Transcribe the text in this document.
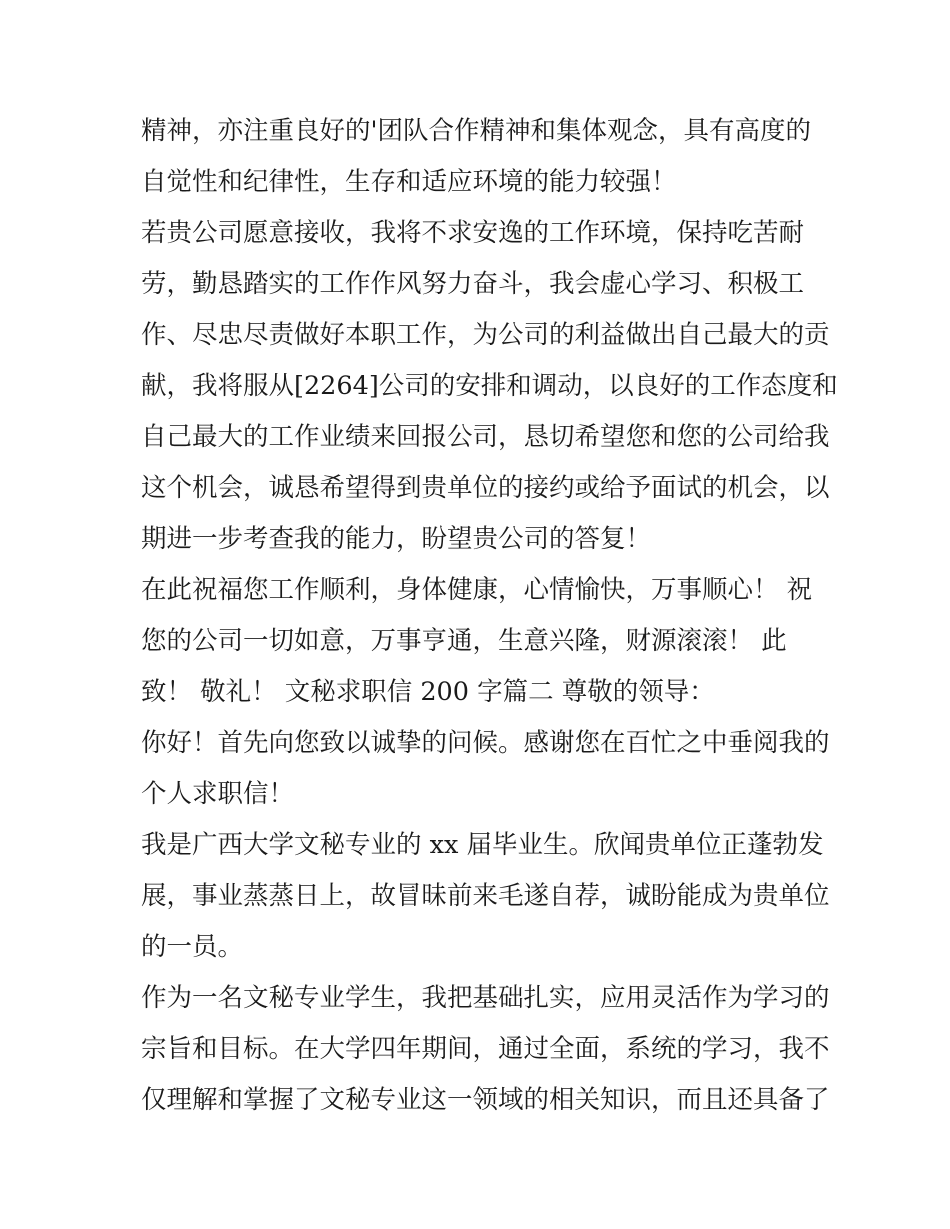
精神，亦注重良好的'团队合作精神和集体观念，具有高度的
自觉性和纪律性，生存和适应环境的能力较强！
若贵公司愿意接收，我将不求安逸的工作环境，保持吃苦耐
劳，勤恳踏实的工作作风努力奋斗，我会虚心学习、积极工
作、尽忠尽责做好本职工作，为公司的利益做出自己最大的贡
献，我将服从[2264]公司的安排和调动，以良好的工作态度和
自己最大的工作业绩来回报公司，恳切希望您和您的公司给我
这个机会，诚恳希望得到贵单位的接约或给予面试的机会，以
期进一步考查我的能力，盼望贵公司的答复！
在此祝福您工作顺利，身体健康，心情愉快，万事顺心！ 祝
您的公司一切如意，万事亨通，生意兴隆，财源滚滚！ 此
致！ 敬礼！ 文秘求职信 200 字篇二 尊敬的领导：
你好！首先向您致以诚挚的问候。感谢您在百忙之中垂阅我的
个人求职信！
我是广西大学文秘专业的 xx 届毕业生。欣闻贵单位正蓬勃发
展，事业蒸蒸日上，故冒昧前来毛遂自荐，诚盼能成为贵单位
的一员。
作为一名文秘专业学生，我把基础扎实，应用灵活作为学习的
宗旨和目标。在大学四年期间，通过全面，系统的学习，我不
仅理解和掌握了文秘专业这一领域的相关知识，而且还具备了
